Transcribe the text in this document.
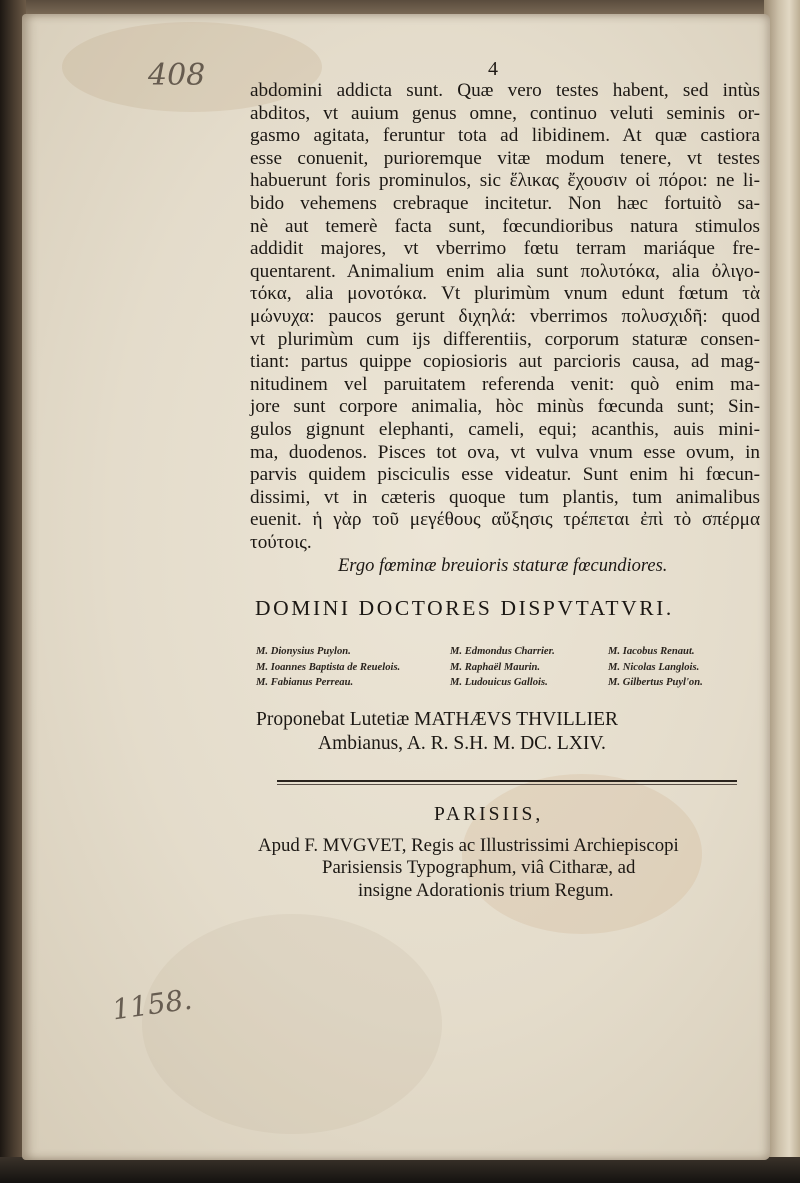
408
1158.
4
abdomini addicta sunt. Quæ vero testes habent, sed intùs
abditos, vt auium genus omne, continuo veluti seminis or-
gasmo agitata, feruntur tota ad libidinem. At quæ castiora
esse conuenit, purioremque vitæ modum tenere, vt testes
habuerunt foris prominulos, sic ἕλικας ἔχουσιν οἱ πόροι: ne li-
bido vehemens crebraque incitetur. Non hæc fortuitò sa-
nè aut temerè facta sunt, fœcundioribus natura stimulos
addidit majores, vt vberrimo fœtu terram mariáque fre-
quentarent. Animalium enim alia sunt πολυτόκα, alia ὀλιγο-
τόκα, alia μονοτόκα. Vt plurimùm vnum edunt fœtum τὰ
μώνυχα: paucos gerunt διχηλά: vberrimos πολυσχιδῆ: quod
vt plurimùm cum ijs differentiis, corporum staturæ consen-
tiant: partus quippe copiosioris aut parcioris causa, ad mag-
nitudinem vel paruitatem referenda venit: quò enim ma-
jore sunt corpore animalia, hòc minùs fœcunda sunt; Sin-
gulos gignunt elephanti, cameli, equi; acanthis, auis mini-
ma, duodenos. Pisces tot ova, vt vulva vnum esse ovum, in
parvis quidem pisciculis esse videatur. Sunt enim hi fœcun-
dissimi, vt in cæteris quoque tum plantis, tum animalibus
euenit. ἡ γὰρ τοῦ μεγέθους αὔξησις τρέπεται ἐπὶ τὸ σπέρμα
τούτοις.
Ergo fœminæ breuioris staturæ fœcundiores.
DOMINI DOCTORES DISPVTATVRI.
M. Dionysius Puylon.	M. Edmondus Charrier.	M. Iacobus Renaut.
M. Ioannes Baptista de Reuelois.	M. Raphaël Maurin.	M. Nicolas Langlois.
M. Fabianus Perreau.	M. Ludouicus Gallois.	M. Gilbertus Puyl'on.
Proponebat Lutetiæ MATHÆVS THVILLIER
Ambianus, A. R. S.H. M. DC. LXIV.
PARISIIS,
Apud F. MVGVET, Regis ac Illustrissimi Archiepiscopi
Parisiensis Typographum, viâ Citharæ, ad
insigne Adorationis trium Regum.
